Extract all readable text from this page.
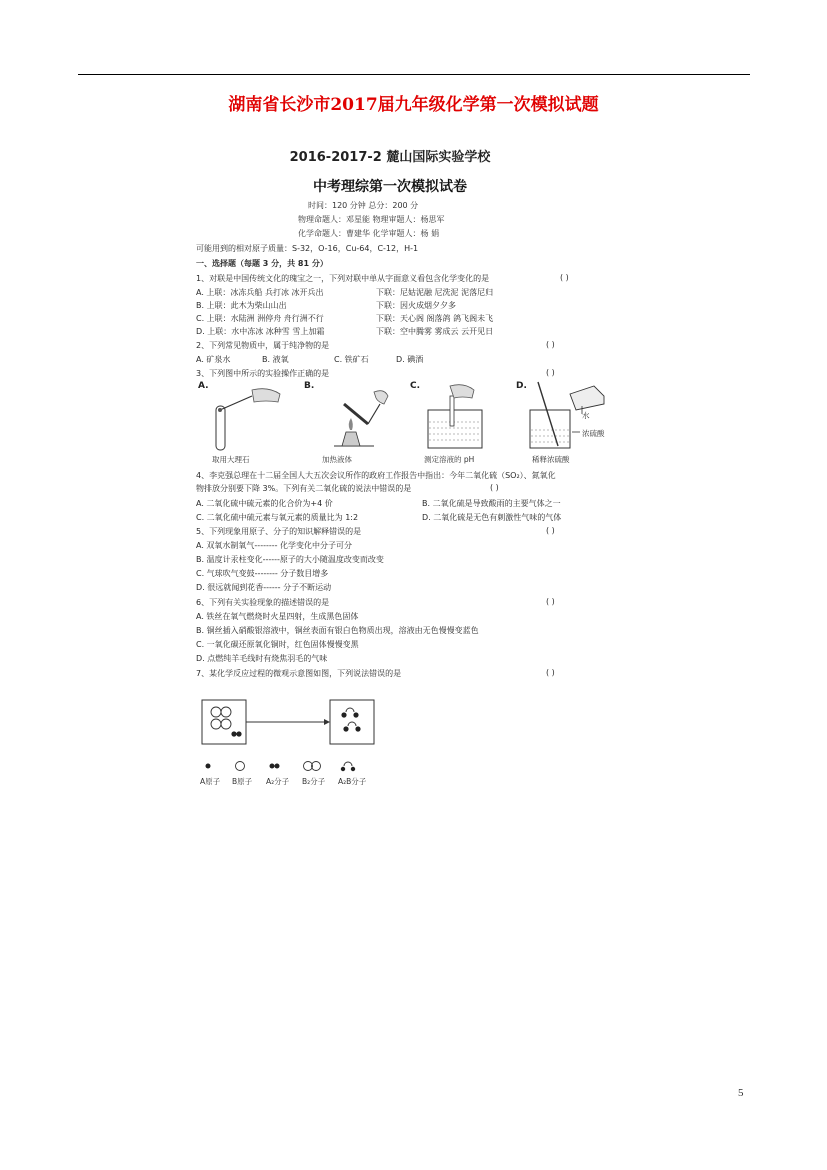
湖南省长沙市2017届九年级化学第一次模拟试题
2016-2017-2 麓山国际实验学校
中考理综第一次模拟试卷
时间：120 分钟 总分：200 分
物理命题人：邓星能 物理审题人：杨思军
化学命题人：曹建华 化学审题人：杨 娟
可能用到的相对原子质量：S-32，O-16，Cu-64，C-12，H-1
一、选择题（每题 3 分，共 81 分）
1、对联是中国传统文化的瑰宝之一，下列对联中单从字面意义看包含化学变化的是	( )
A. 上联：冰冻兵船 兵打冰 冰开兵出	下联：尼姑泥融 尼洗泥 泥落尼归
B. 上联：此木为柴山山出	下联：因火成烟夕夕多
C. 上联：水陆洲 洲停舟 舟行洲不行	下联：天心阁 阁落鸽 鸽飞阁未飞
D. 上联：水中冻冰 冰种雪 雪上加霜	下联：空中腾雾 雾成云 云开见日
2、下列常见物质中，属于纯净物的是	( )
A. 矿泉水	B. 液氧	C. 铁矿石	D. 碘酒
3、下列图中所示的实验操作正确的是	( )
A.	B.	C.	D.
取用大理石	加热液体	测定溶液的 pH
水
浓硫酸
稀释浓硫酸
4、李克强总理在十二届全国人大五次会议所作的政府工作报告中指出：今年二氧化硫（SO₂）、氮氧化
物排放分别要下降 3%。下列有关二氧化硫的说法中错误的是	( )
A. 二氧化硫中硫元素的化合价为+4 价	B. 二氧化硫是导致酸雨的主要气体之一
C. 二氧化硫中硫元素与氧元素的质量比为 1:2	D. 二氧化硫是无色有刺激性气味的气体
5、下列现象用原子、分子的知识解释错误的是	( )
A. 双氧水制氧气-------- 化学变化中分子可分
B. 温度计汞柱变化------原子的大小随温度改变而改变
C. 气球吹气变鼓-------- 分子数目增多
D. 很远就闻到花香------ 分子不断运动
6、下列有关实验现象的描述错误的是	( )
A. 铁丝在氧气燃烧时火星四射，生成黑色固体
B. 铜丝插入硝酸银溶液中，铜丝表面有银白色物质出现，溶液由无色慢慢变蓝色
C. 一氧化碳还原氧化铜时，红色固体慢慢变黑
D. 点燃纯羊毛线时有烧焦羽毛的气味
7、某化学反应过程的微观示意图如图，下列说法错误的是	( )
A原子 B原子 A₂分子 B₂分子 A₂B分子
5
